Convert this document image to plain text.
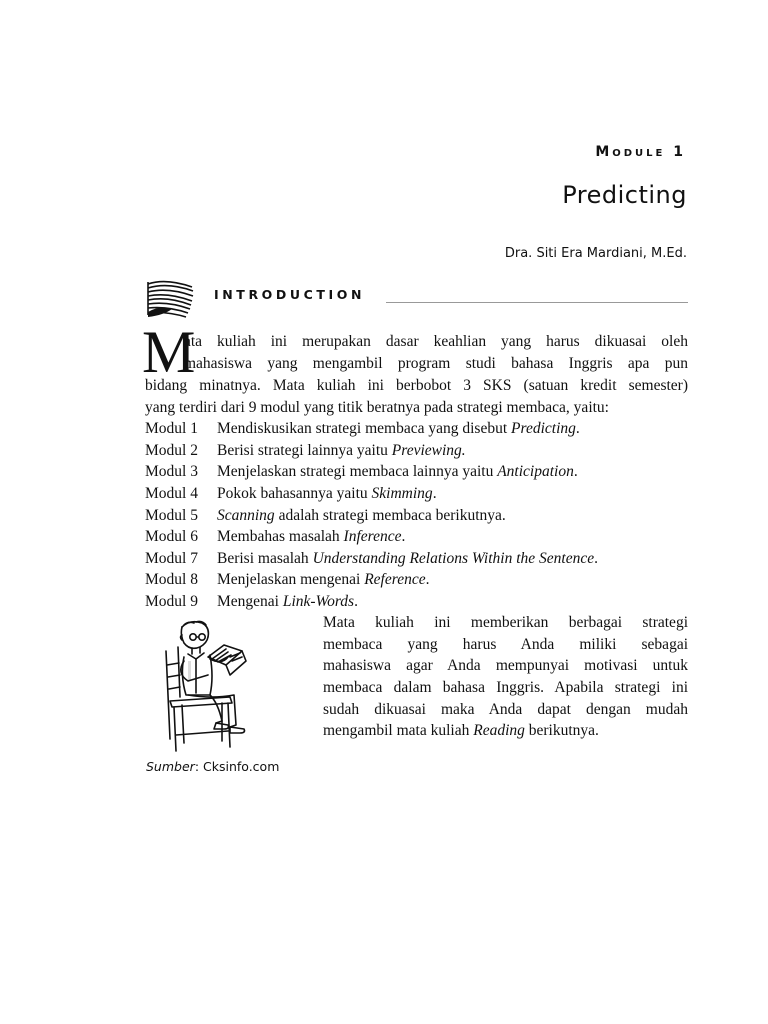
Module 1
Predicting
Dra. Siti Era Mardiani, M.Ed.
INTRODUCTION
M
ata kuliah ini merupakan dasar keahlian yang harus dikuasai oleh
mahasiswa yang mengambil program studi bahasa Inggris apa pun
bidang minatnya. Mata kuliah ini berbobot 3 SKS (satuan kredit semester)
yang terdiri dari 9 modul yang titik beratnya pada strategi membaca, yaitu:
Modul 1 Mendiskusikan strategi membaca yang disebut Predicting.
Modul 2 Berisi strategi lainnya yaitu Previewing.
Modul 3 Menjelaskan strategi membaca lainnya yaitu Anticipation.
Modul 4 Pokok bahasannya yaitu Skimming.
Modul 5 Scanning adalah strategi membaca berikutnya.
Modul 6 Membahas masalah Inference.
Modul 7 Berisi masalah Understanding Relations Within the Sentence.
Modul 8 Menjelaskan mengenai Reference.
Modul 9 Mengenai Link-Words.
Mata kuliah ini memberikan berbagai strategi
membaca yang harus Anda miliki sebagai
mahasiswa agar Anda mempunyai motivasi untuk
membaca dalam bahasa Inggris. Apabila strategi ini
sudah dikuasai maka Anda dapat dengan mudah
mengambil mata kuliah Reading berikutnya.
Sumber: Cksinfo.com
